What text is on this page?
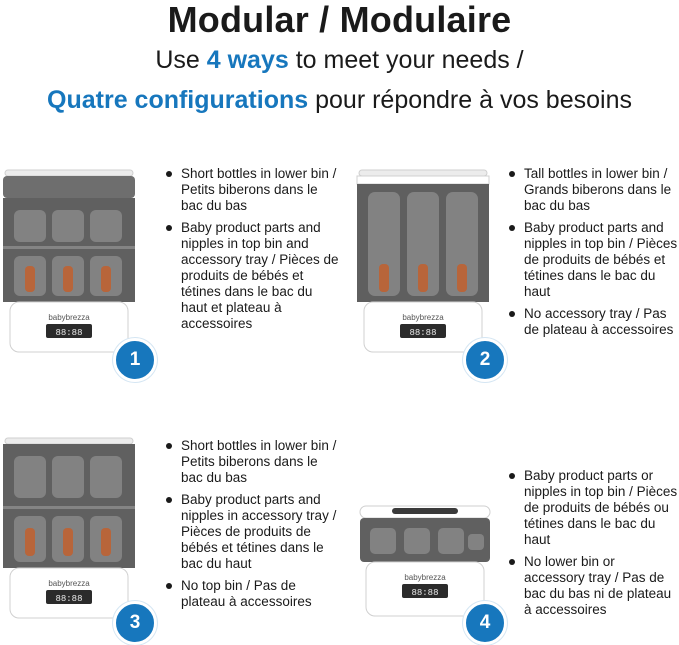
Modular / Modulaire
Use 4 ways to meet your needs /
Quatre configurations pour répondre à vos besoins
babybrezza
88:88
1
Short bottles in lower bin / Petits biberons dans le bac du bas
Baby product parts and nipples in top bin and accessory tray / Pièces de produits de bébés et tétines dans le bac du haut et plateau à accessoires	babybrezza
88:88
2
Tall bottles in lower bin / Grands biberons dans le bac du bas
Baby product parts and nipples in top bin / Pièces de produits de bébés et tétines dans le bac du haut
No accessory tray / Pas de plateau à accessoires
babybrezza
88:88
3
Short bottles in lower bin / Petits biberons dans le bac du bas
Baby product parts and nipples in accessory tray / Pièces de produits de bébés et tétines dans le bac du haut
No top bin / Pas de plateau à accessoires
babybrezza
88:88
4
Baby product parts or nipples in top bin / Pièces de produits de bébés ou tétines dans le bac du haut
No lower bin or accessory tray / Pas de bac du bas ni de plateau à accessoires
